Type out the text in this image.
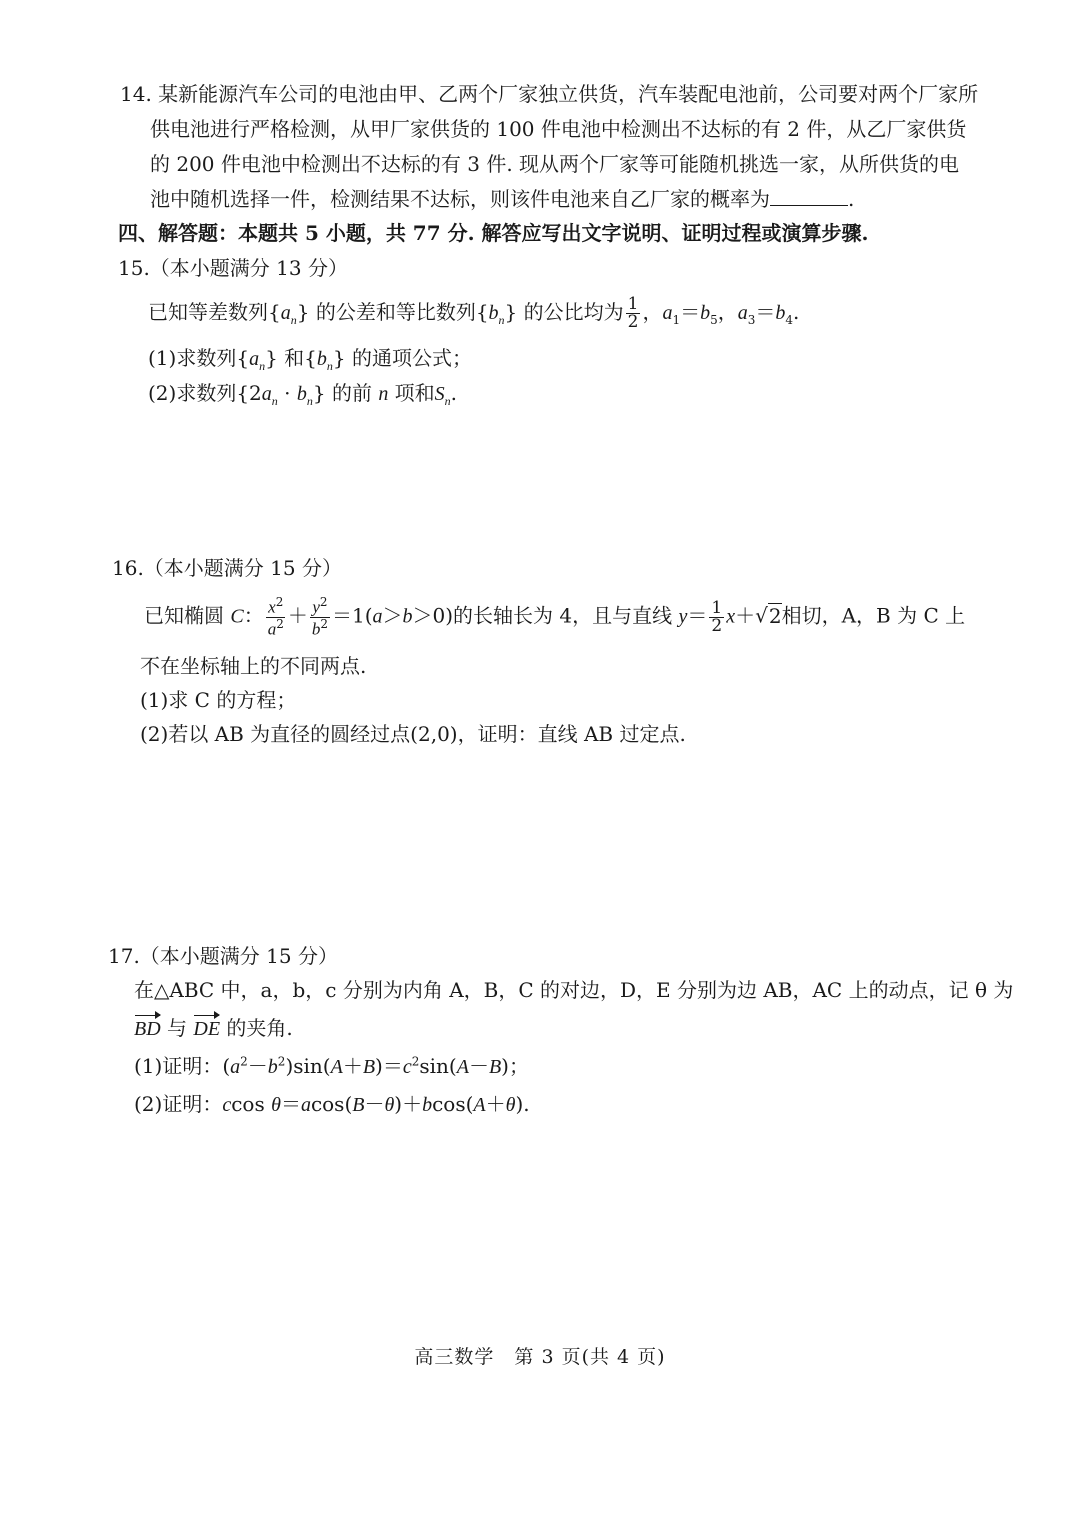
14. 某新能源汽车公司的电池由甲、乙两个厂家独立供货，汽车装配电池前，公司要对两个厂家所
供电池进行严格检测，从甲厂家供货的 100 件电池中检测出不达标的有 2 件，从乙厂家供货
的 200 件电池中检测出不达标的有 3 件. 现从两个厂家等可能随机挑选一家，从所供货的电
池中随机选择一件，检测结果不达标，则该件电池来自乙厂家的概率为	.
四、解答题：本题共 5 小题，共 77 分. 解答应写出文字说明、证明过程或演算步骤.
15.（本小题满分 13 分）
已知等差数列$\{a_n\}$ 的公差和等比数列$\{b_n\}$ 的公比均为 $\frac{1}{2}$ ，$a_1=b_5$，$a_3=b_4$.
(1)求数列$\{a_n\}$ 和$\{b_n\}$ 的通项公式；
(2)求数列$\{2a_n \cdot b_n\}$ 的前 n 项和$S_n$.
16.（本小题满分 15 分）
已知椭圆 C： $\frac{x^2}{a^2} + \frac{y^2}{b^2} =1(a>b>0)$的长轴长为 4，且与直线 $y= \frac{1}{2} x+√2$相切，A，B 为 C 上
不在坐标轴上的不同两点.
(1)求 C 的方程；
(2)若以 AB 为直径的圆经过点(2,0)，证明：直线 AB 过定点.
17.（本小题满分 15 分）
在△ABC 中，a，b，c 分别为内角 A，B，C 的对边，D，E 分别为边 AB，AC 上的动点，记 θ 为
BD 与 DE 的夹角.
(1)证明：$(a^2-b^2)\sin(A+B)=c^2\sin(A-B)$；
(2)证明：ccos θ＝acos(B－θ)＋bcos(A＋θ).
高三数学　第 3 页(共 4 页)
